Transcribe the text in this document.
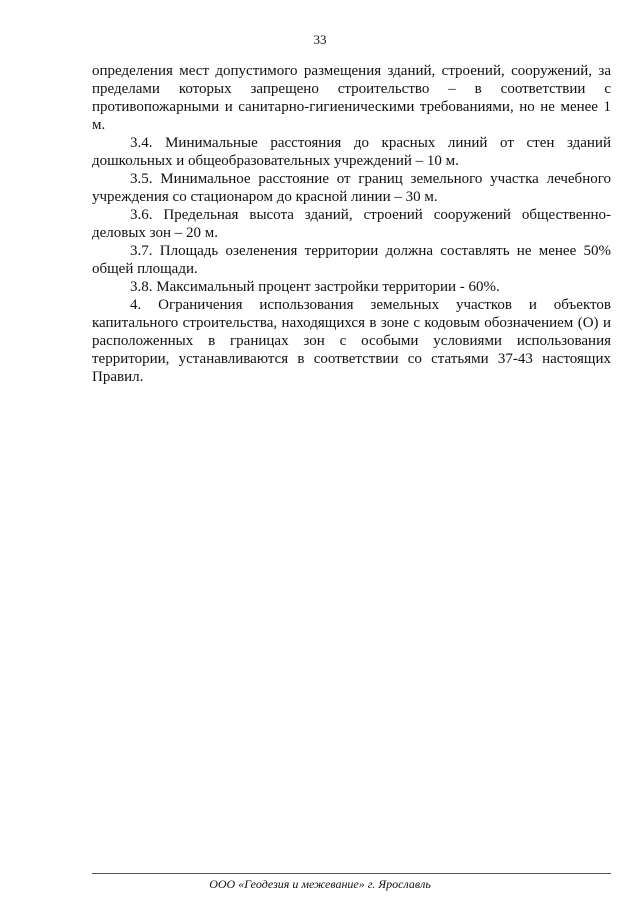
33

определения мест допустимого размещения зданий, строений, сооружений, за пределами которых запрещено строительство – в соответствии с противопожарными и санитарно-гигиеническими требованиями, но не менее 1 м.

3.4. Минимальные расстояния до красных линий от стен зданий дошкольных и общеобразовательных учреждений – 10 м.

3.5. Минимальное расстояние от границ земельного участка лечебного учреждения со стационаром до красной линии – 30 м.

3.6. Предельная высота зданий, строений сооружений общественно-деловых зон – 20 м.

3.7. Площадь озеленения территории должна составлять не менее 50% общей площади.

3.8. Максимальный процент застройки территории - 60%.

4. Ограничения использования земельных участков и объектов капитального строительства, находящихся в зоне с кодовым обозначением (О) и расположенных в границах зон с особыми условиями использования территории, устанавливаются в соответствии со статьями 37-43 настоящих Правил.

ООО «Геодезия и межевание» г. Ярославль
